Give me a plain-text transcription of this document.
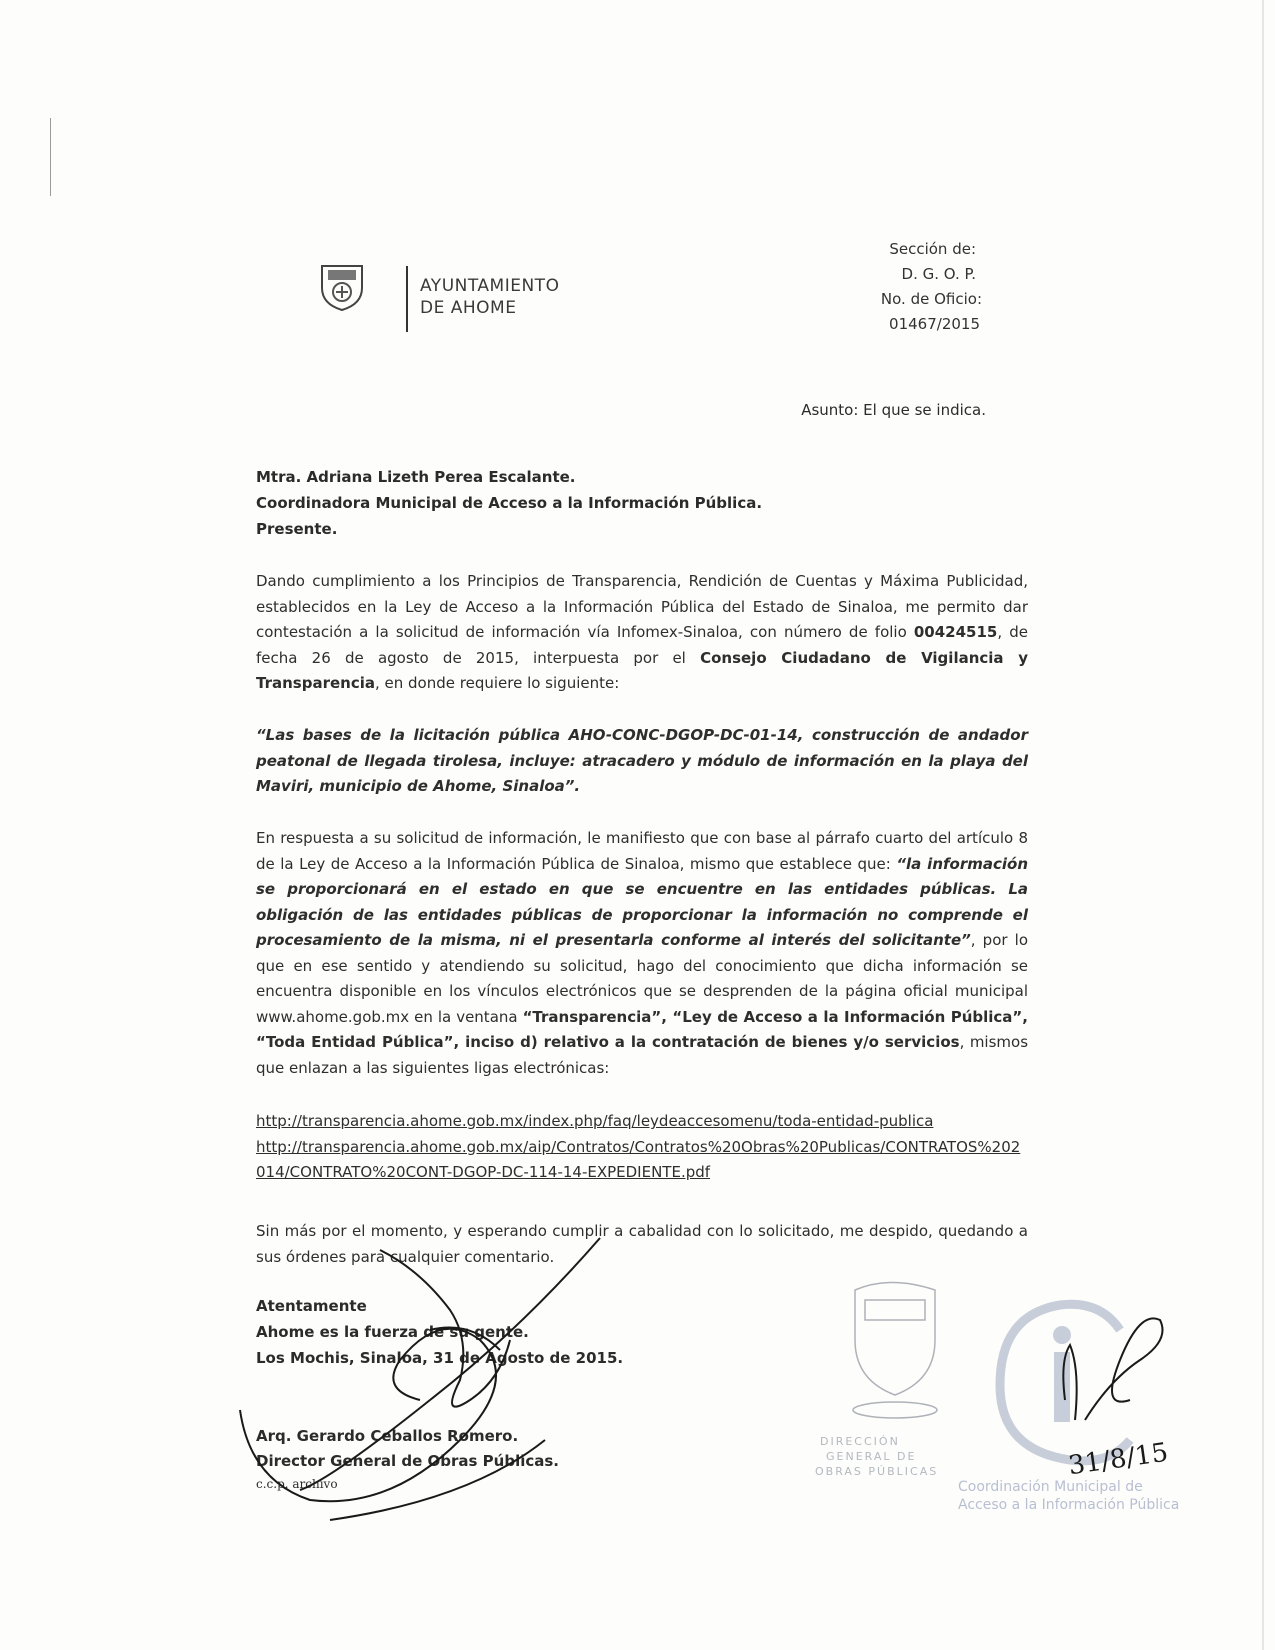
AYUNTAMIENTO
DE AHOME
Sección de:
D. G. O. P.
No. de Oficio:
01467/2015
Asunto: El que se indica.
Mtra. Adriana Lizeth Perea Escalante.
Coordinadora Municipal de Acceso a la Información Pública.
Presente.
Dando cumplimiento a los Principios de Transparencia, Rendición de Cuentas y Máxima Publicidad, establecidos en la Ley de Acceso a la Información Pública del Estado de Sinaloa, me permito dar contestación a la solicitud de información vía Infomex-Sinaloa, con número de folio 00424515, de fecha 26 de agosto de 2015, interpuesta por el Consejo Ciudadano de Vigilancia y Transparencia, en donde requiere lo siguiente:
“Las bases de la licitación pública AHO-CONC-DGOP-DC-01-14, construcción de andador peatonal de llegada tirolesa, incluye: atracadero y módulo de información en la playa del Maviri, municipio de Ahome, Sinaloa”.
En respuesta a su solicitud de información, le manifiesto que con base al párrafo cuarto del artículo 8 de la Ley de Acceso a la Información Pública de Sinaloa, mismo que establece que: “la información se proporcionará en el estado en que se encuentre en las entidades públicas. La obligación de las entidades públicas de proporcionar la información no comprende el procesamiento de la misma, ni el presentarla conforme al interés del solicitante”, por lo que en ese sentido y atendiendo su solicitud, hago del conocimiento que dicha información se encuentra disponible en los vínculos electrónicos que se desprenden de la página oficial municipal www.ahome.gob.mx en la ventana “Transparencia”, “Ley de Acceso a la Información Pública”, “Toda Entidad Pública”, inciso d) relativo a la contratación de bienes y/o servicios, mismos que enlazan a las siguientes ligas electrónicas:
http://transparencia.ahome.gob.mx/index.php/faq/leydeaccesomenu/toda-entidad-publica
http://transparencia.ahome.gob.mx/aip/Contratos/Contratos%20Obras%20Publicas/CONTRATOS%202014/CONTRATO%20CONT-DGOP-DC-114-14-EXPEDIENTE.pdf
Sin más por el momento, y esperando cumplir a cabalidad con lo solicitado, me despido, quedando a sus órdenes para cualquier comentario.
Atentamente
Ahome es la fuerza de su gente.
Los Mochis, Sinaloa, 31 de Agosto de 2015.
Arq. Gerardo Ceballos Romero.
Director General de Obras Públicas.
c.c.p. archivo	Coordinación Municipal de
Acceso a la Información Pública
DIRECCIÓN
GENERAL DE
OBRAS PÚBLICAS	31/8/15
